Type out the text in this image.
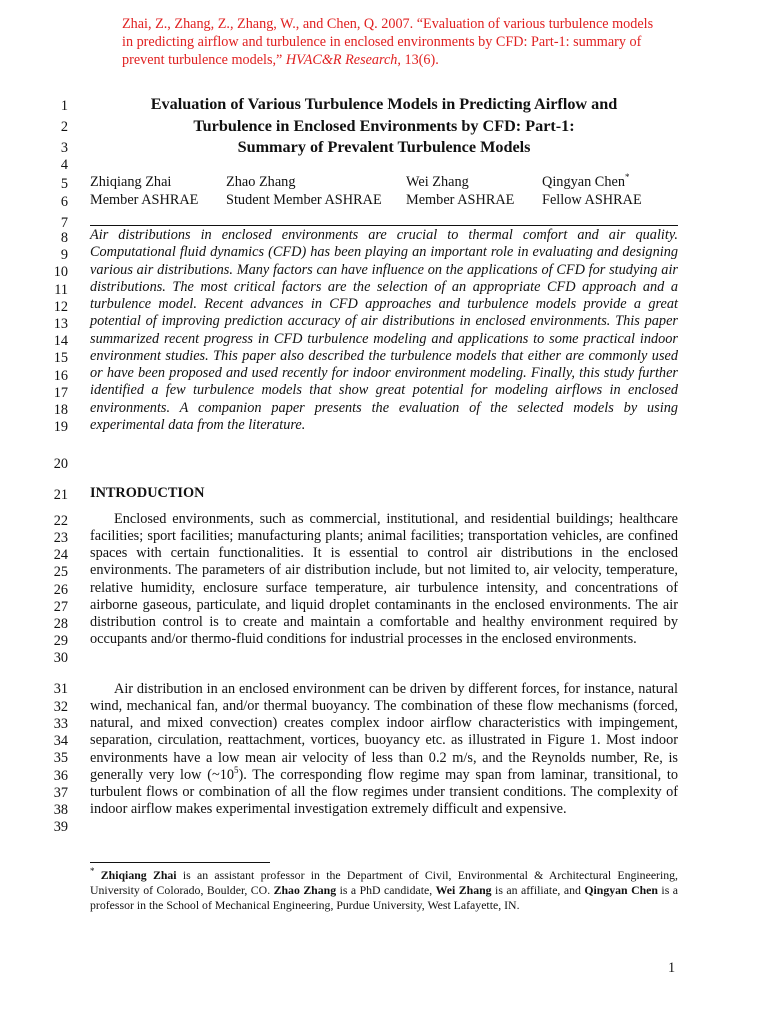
Zhai, Z., Zhang, Z., Zhang, W., and Chen, Q. 2007. “Evaluation of various turbulence models in predicting airflow and turbulence in enclosed environments by CFD: Part-1: summary of prevent turbulence models,” HVAC&R Research, 13(6).
1
2
3
4
5
6
7
8
9
10
11
12
13
14
15
16
17
18
19
20
21
22
23
24
25
26
27
28
29
30
31
32
33
34
35
36
37
38
39
Evaluation of Various Turbulence Models in Predicting Airflow and
Turbulence in Enclosed Environments by CFD: Part-1:
Summary of Prevalent Turbulence Models
Zhiqiang Zhai
Member ASHRAE
Zhao Zhang
Student Member ASHRAE
Wei Zhang
Member ASHRAE
Qingyan Chen*
Fellow ASHRAE

Air distributions in enclosed environments are crucial to thermal comfort and air quality. Computational fluid dynamics (CFD) has been playing an important role in evaluating and designing various air distributions. Many factors can have influence on the applications of CFD for studying air distributions. The most critical factors are the selection of an appropriate CFD approach and a turbulence model. Recent advances in CFD approaches and turbulence models provide a great potential of improving prediction accuracy of air distributions in enclosed environments. This paper summarized recent progress in CFD turbulence modeling and applications to some practical indoor environment studies. This paper also described the turbulence models that either are commonly used or have been proposed and used recently for indoor environment modeling. Finally, this study further identified a few turbulence models that show great potential for modeling airflows in enclosed environments. A companion paper presents the evaluation of the selected models by using experimental data from the literature.

INTRODUCTION

Enclosed environments, such as commercial, institutional, and residential buildings; healthcare facilities; sport facilities; manufacturing plants; animal facilities; transportation vehicles, are confined spaces with certain functionalities. It is essential to control air distributions in the enclosed environments. The parameters of air distribution include, but not limited to, air velocity, temperature, relative humidity, enclosure surface temperature, air turbulence intensity, and concentrations of airborne gaseous, particulate, and liquid droplet contaminants in the enclosed environments. The air distribution control is to create and maintain a comfortable and healthy environment required by occupants and/or thermo-fluid conditions for industrial processes in the enclosed environments.

Air distribution in an enclosed environment can be driven by different forces, for instance, natural wind, mechanical fan, and/or thermal buoyancy. The combination of these flow mechanisms (forced, natural, and mixed convection) creates complex indoor airflow characteristics with impingement, separation, circulation, reattachment, vortices, buoyancy etc. as illustrated in Figure 1. Most indoor environments have a low mean air velocity of less than 0.2 m/s, and the Reynolds number, Re, is generally very low $(\sim 10^5)$. The corresponding flow regime may span from laminar, transitional, to turbulent flows or combination of all the flow regimes under transient conditions. The complexity of indoor airflow makes experimental investigation extremely difficult and expensive.

* Zhiqiang Zhai is an assistant professor in the Department of Civil, Environmental & Architectural Engineering, University of Colorado, Boulder, CO. Zhao Zhang is a PhD candidate, Wei Zhang is an affiliate, and Qingyan Chen is a professor in the School of Mechanical Engineering, Purdue University, West Lafayette, IN.

1
